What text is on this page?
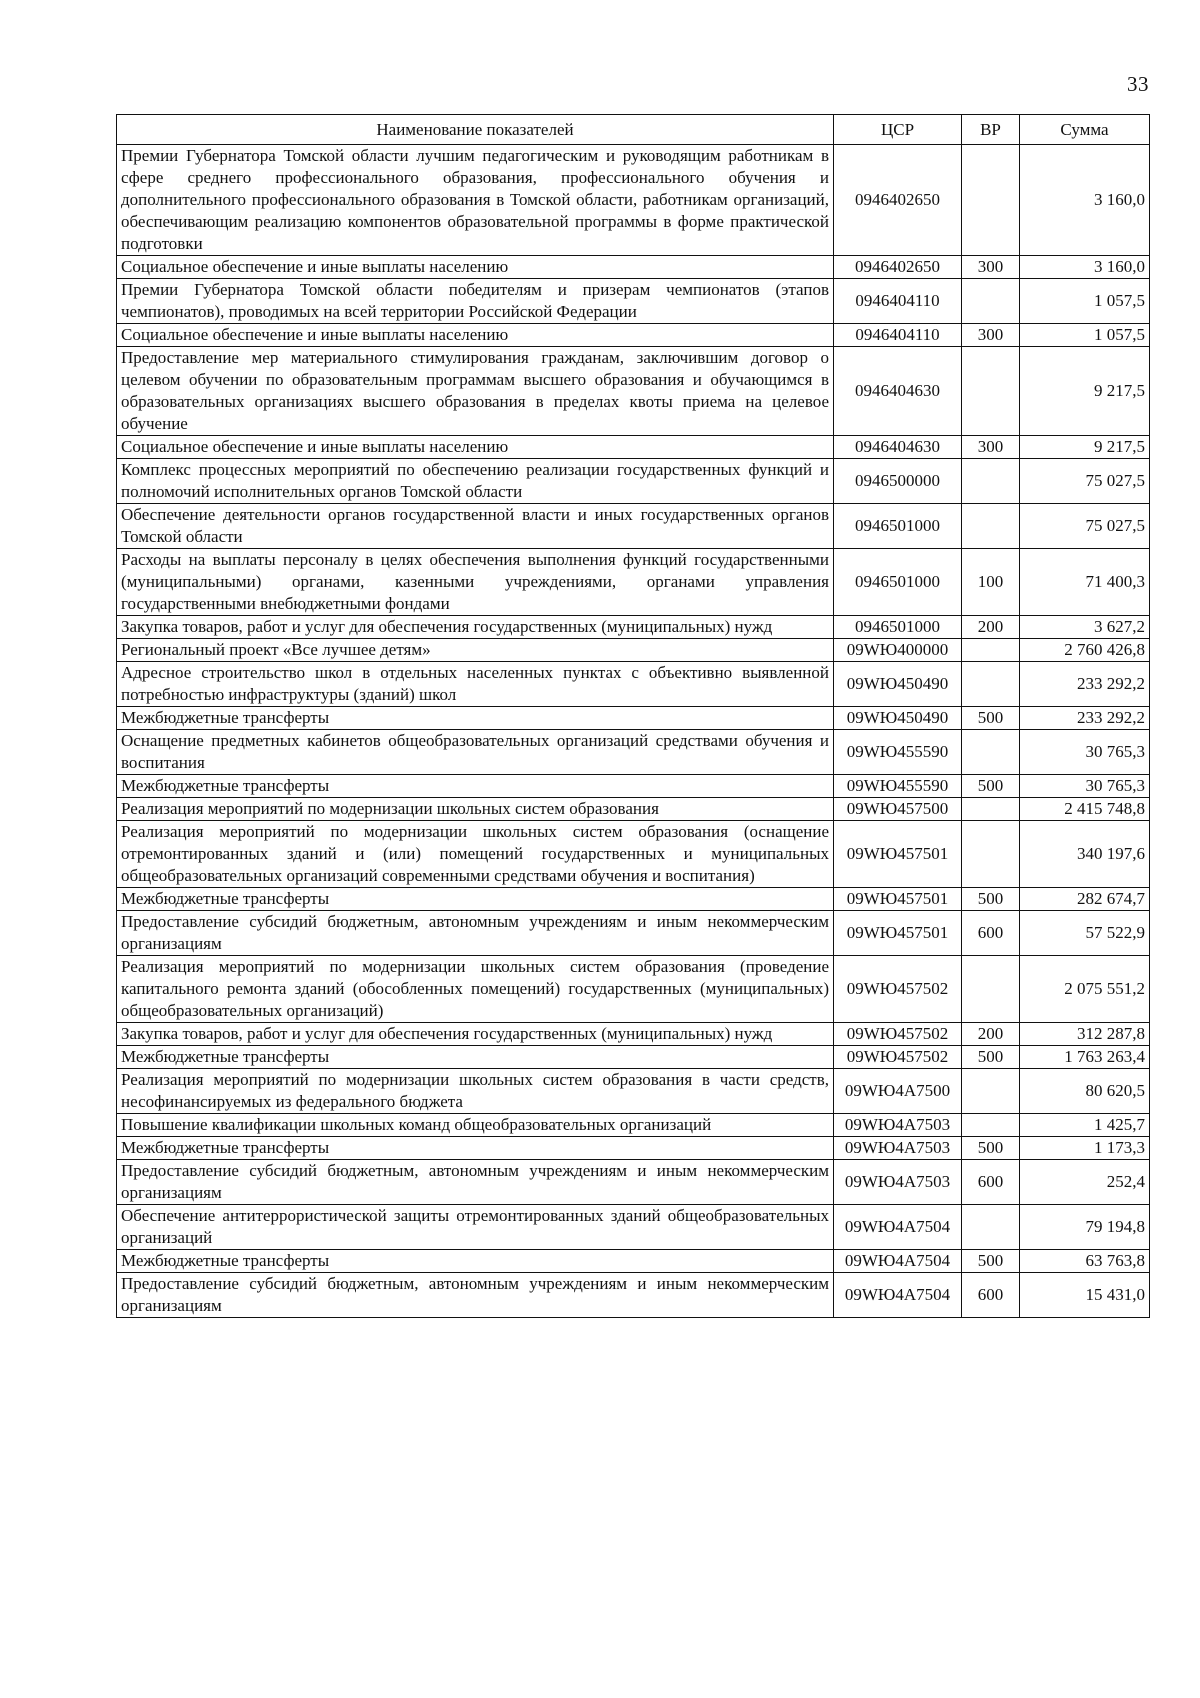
33
Наименование показателей	ЦСР	ВР	Сумма
Премии Губернатора Томской области лучшим педагогическим и руководящим работникам в сфере среднего профессионального образования, профессионального обучения и дополнительного профессионального образования в Томской области, работникам организаций, обеспечивающим реализацию компонентов образовательной программы в форме практической подготовки	0946402650		3 160,0
Социальное обеспечение и иные выплаты населению	0946402650	300	3 160,0
Премии Губернатора Томской области победителям и призерам чемпионатов (этапов чемпионатов), проводимых на всей территории Российской Федерации	0946404110		1 057,5
Социальное обеспечение и иные выплаты населению	0946404110	300	1 057,5
Предоставление мер материального стимулирования гражданам, заключившим договор о целевом обучении по образовательным программам высшего образования и обучающимся в образовательных организациях высшего образования в пределах квоты приема на целевое обучение	0946404630		9 217,5
Социальное обеспечение и иные выплаты населению	0946404630	300	9 217,5
Комплекс процессных мероприятий по обеспечению реализации государственных функций и полномочий исполнительных органов Томской области	0946500000		75 027,5
Обеспечение деятельности органов государственной власти и иных государственных органов Томской области	0946501000		75 027,5
Расходы на выплаты персоналу в целях обеспечения выполнения функций государственными (муниципальными) органами, казенными учреждениями, органами управления государственными внебюджетными фондами	0946501000	100	71 400,3
Закупка товаров, работ и услуг для обеспечения государственных (муниципальных) нужд	0946501000	200	3 627,2
Региональный проект «Все лучшее детям»	09WЮ400000		2 760 426,8
Адресное строительство школ в отдельных населенных пунктах с объективно выявленной потребностью инфраструктуры (зданий) школ	09WЮ450490		233 292,2
Межбюджетные трансферты	09WЮ450490	500	233 292,2
Оснащение предметных кабинетов общеобразовательных организаций средствами обучения и воспитания	09WЮ455590		30 765,3
Межбюджетные трансферты	09WЮ455590	500	30 765,3
Реализация мероприятий по модернизации школьных систем образования	09WЮ457500		2 415 748,8
Реализация мероприятий по модернизации школьных систем образования (оснащение отремонтированных зданий и (или) помещений государственных и муниципальных общеобразовательных организаций современными средствами обучения и воспитания)	09WЮ457501		340 197,6
Межбюджетные трансферты	09WЮ457501	500	282 674,7
Предоставление субсидий бюджетным, автономным учреждениям и иным некоммерческим организациям	09WЮ457501	600	57 522,9
Реализация мероприятий по модернизации школьных систем образования (проведение капитального ремонта зданий (обособленных помещений) государственных (муниципальных) общеобразовательных организаций)	09WЮ457502		2 075 551,2
Закупка товаров, работ и услуг для обеспечения государственных (муниципальных) нужд	09WЮ457502	200	312 287,8
Межбюджетные трансферты	09WЮ457502	500	1 763 263,4
Реализация мероприятий по модернизации школьных систем образования в части средств, несофинансируемых из федерального бюджета	09WЮ4А7500		80 620,5
Повышение квалификации школьных команд общеобразовательных организаций	09WЮ4А7503		1 425,7
Межбюджетные трансферты	09WЮ4А7503	500	1 173,3
Предоставление субсидий бюджетным, автономным учреждениям и иным некоммерческим организациям	09WЮ4А7503	600	252,4
Обеспечение антитеррористической защиты отремонтированных зданий общеобразовательных организаций	09WЮ4А7504		79 194,8
Межбюджетные трансферты	09WЮ4А7504	500	63 763,8
Предоставление субсидий бюджетным, автономным учреждениям и иным некоммерческим организациям	09WЮ4А7504	600	15 431,0
